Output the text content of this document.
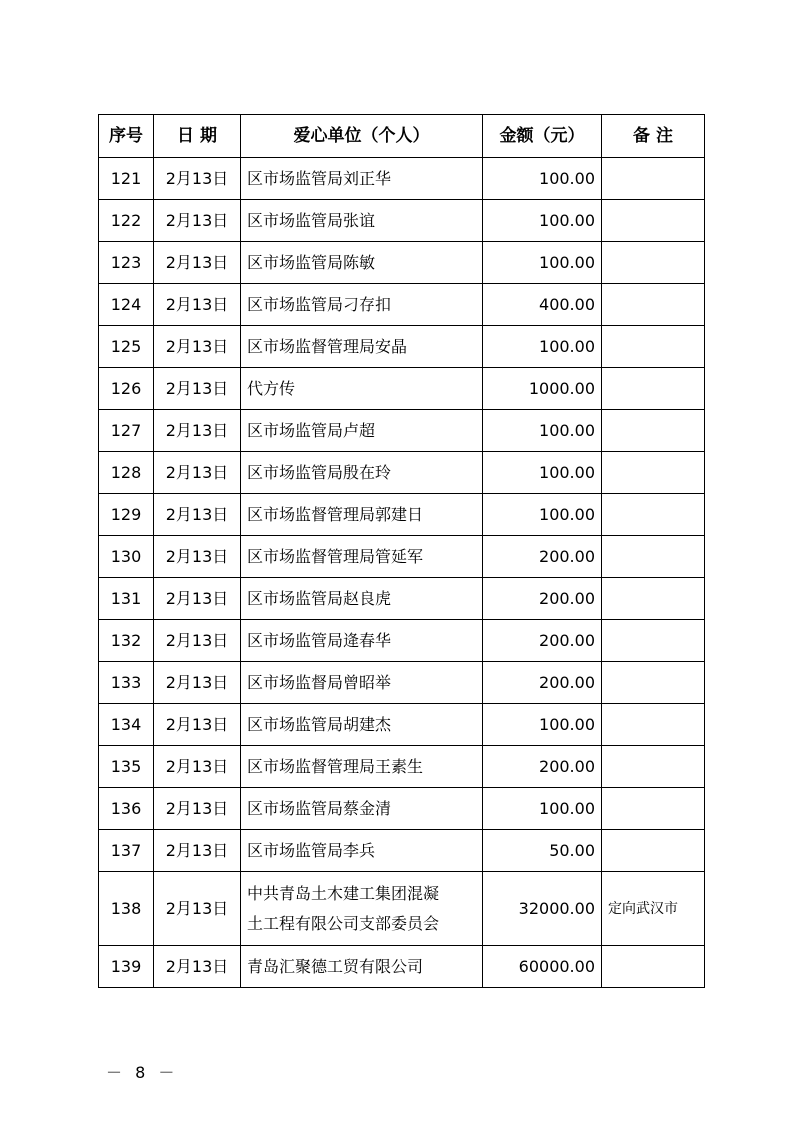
序号	日 期	爱心单位（个人）	金额（元）	备 注
121	2月13日	区市场监管局刘正华	100.00	
122	2月13日	区市场监管局张谊	100.00	
123	2月13日	区市场监管局陈敏	100.00	
124	2月13日	区市场监管局刁存扣	400.00	
125	2月13日	区市场监督管理局安晶	100.00	
126	2月13日	代方传	1000.00	
127	2月13日	区市场监管局卢超	100.00	
128	2月13日	区市场监管局殷在玲	100.00	
129	2月13日	区市场监督管理局郭建日	100.00	
130	2月13日	区市场监督管理局管延军	200.00	
131	2月13日	区市场监管局赵良虎	200.00	
132	2月13日	区市场监管局逄春华	200.00	
133	2月13日	区市场监督局曾昭举	200.00	
134	2月13日	区市场监管局胡建杰	100.00	
135	2月13日	区市场监督管理局王素生	200.00	
136	2月13日	区市场监管局蔡金清	100.00	
137	2月13日	区市场监管局李兵	50.00	
138	2月13日	中共青岛土木建工集团混凝
土工程有限公司支部委员会	32000.00	定向武汉市
139	2月13日	青岛汇聚德工贸有限公司	60000.00	
－ 8 －
